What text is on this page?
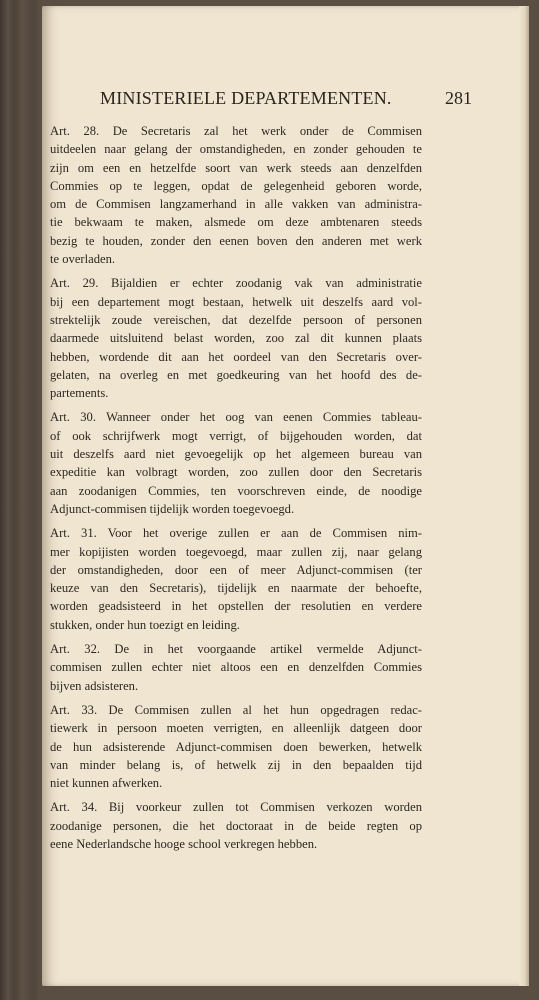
MINISTERIELE DEPARTEMENTEN.	281
Art. 28. De Secretaris zal het werk onder de Commisen
uitdeelen naar gelang der omstandigheden, en zonder gehouden te
zijn om een en hetzelfde soort van werk steeds aan denzelfden
Commies op te leggen, opdat de gelegenheid geboren worde,
om de Commisen langzamerhand in alle vakken van administra-
tie bekwaam te maken, alsmede om deze ambtenaren steeds
bezig te houden, zonder den eenen boven den anderen met werk
te overladen.
Art. 29. Bijaldien er echter zoodanig vak van administratie
bij een departement mogt bestaan, hetwelk uit deszelfs aard vol-
strektelijk zoude vereischen, dat dezelfde persoon of personen
daarmede uitsluitend belast worden, zoo zal dit kunnen plaats
hebben, wordende dit aan het oordeel van den Secretaris over-
gelaten, na overleg en met goedkeuring van het hoofd des de-
partements.
Art. 30. Wanneer onder het oog van eenen Commies tableau-
of ook schrijfwerk mogt verrigt, of bijgehouden worden, dat
uit deszelfs aard niet gevoegelijk op het algemeen bureau van
expeditie kan volbragt worden, zoo zullen door den Secretaris
aan zoodanigen Commies, ten voorschreven einde, de noodige
Adjunct-commisen tijdelijk worden toegevoegd.
Art. 31. Voor het overige zullen er aan de Commisen nim-
mer kopijisten worden toegevoegd, maar zullen zij, naar gelang
der omstandigheden, door een of meer Adjunct-commisen (ter
keuze van den Secretaris), tijdelijk en naarmate der behoefte,
worden geadsisteerd in het opstellen der resolutien en verdere
stukken, onder hun toezigt en leiding.
Art. 32. De in het voorgaande artikel vermelde Adjunct-
commisen zullen echter niet altoos een en denzelfden Commies
bijven adsisteren.
Art. 33. De Commisen zullen al het hun opgedragen redac-
tiewerk in persoon moeten verrigten, en alleenlijk datgeen door
de hun adsisterende Adjunct-commisen doen bewerken, hetwelk
van minder belang is, of hetwelk zij in den bepaalden tijd
niet kunnen afwerken.
Art. 34. Bij voorkeur zullen tot Commisen verkozen worden
zoodanige personen, die het doctoraat in de beide regten op
eene Nederlandsche hooge school verkregen hebben.
